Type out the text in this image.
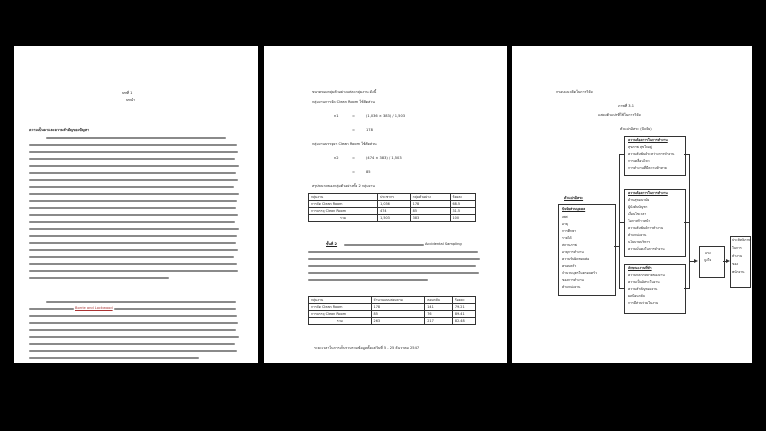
บทที่ 1
บทนำ
ความเป็นมาและความสำคัญของปัญหา
Borrie and Lockwood
ขนาดของกลุ่มตัวอย่างแต่ละกลุ่มงาน ดังนี้
กลุ่มงานการจัด Clean Room ใช้สัดส่วน
n1	=	(1,036 × 383) / 1,503
=	178
กลุ่มงานบรรจุยา Clean Room ใช้สัดส่วน
n2	=	(474 × 383) / 1,503
=	85
สรุปขนาดของกลุ่มตัวอย่างทั้ง 2 กลุ่มงาน
กลุ่มงาน	ประชากร	กลุ่มตัวอย่าง	ร้อยละ
การจัด Clean Room	1,036	178	68.5
การบรรจุ Clean Room	474	85	31.5
รวม	1,503	383	100
ขั้นที่ 2	Accidental Sampling
กลุ่มงาน	จำนวนแบบสอบถาม	ตอบกลับ	ร้อยละ
การจัด Clean Room	178	141	79.21
การบรรจุ Clean Room	85	76	89.41
รวม	263	217	82.48
ระยะเวลาในการเก็บรวบรวมข้อมูลตั้งแต่วันที่ 5 - 25 ธันวาคม 2547
กรอบแนวคิดในการวิจัย
ภาพที่ 3.1
แสดงตัวแปรที่ใช้ในการวิจัย
ตัวแปรอิสระ (ปัจจัย)
ตัวแปรอิสระ
ปัจจัยส่วนบุคคล
เพศ
อายุ
การศึกษา
รายได้
สถานภาพ
อายุการทำงาน
ความรับผิดชอบต่อ
ครอบครัว
จำนวนบุตรในครอบครัว
ของการทำงาน
ตำแหน่งงาน
ความต้องการในการทำงาน
สุขภาพ สุขใจอยู่
ความสัมพันธ์ระหว่างการทำงาน
การเคลื่อนไหว
การทำงานที่มีความท้าทาย
ความต้องการในการทำงาน
ด้านสุขอนามัย
ผู้บังคับบัญชา
เงื่อนไขเวลา
โอกาสก้าวหน้า
ความสัมพันธ์การทำงาน
ตำแหน่งงาน
นโยบายบริหาร
ความมั่นคงในการทำงาน
ลักษณะงานที่ทำ
ความหลากหลายของงาน
ความเป็นอิสระในงาน
ความสำคัญของงาน
ผลป้อนกลับ
การมีส่วนร่วมในงาน
แรง
จูงใจ
ประสิทธิภาพ
ในการ
ทำงาน
ของ
พนักงาน
